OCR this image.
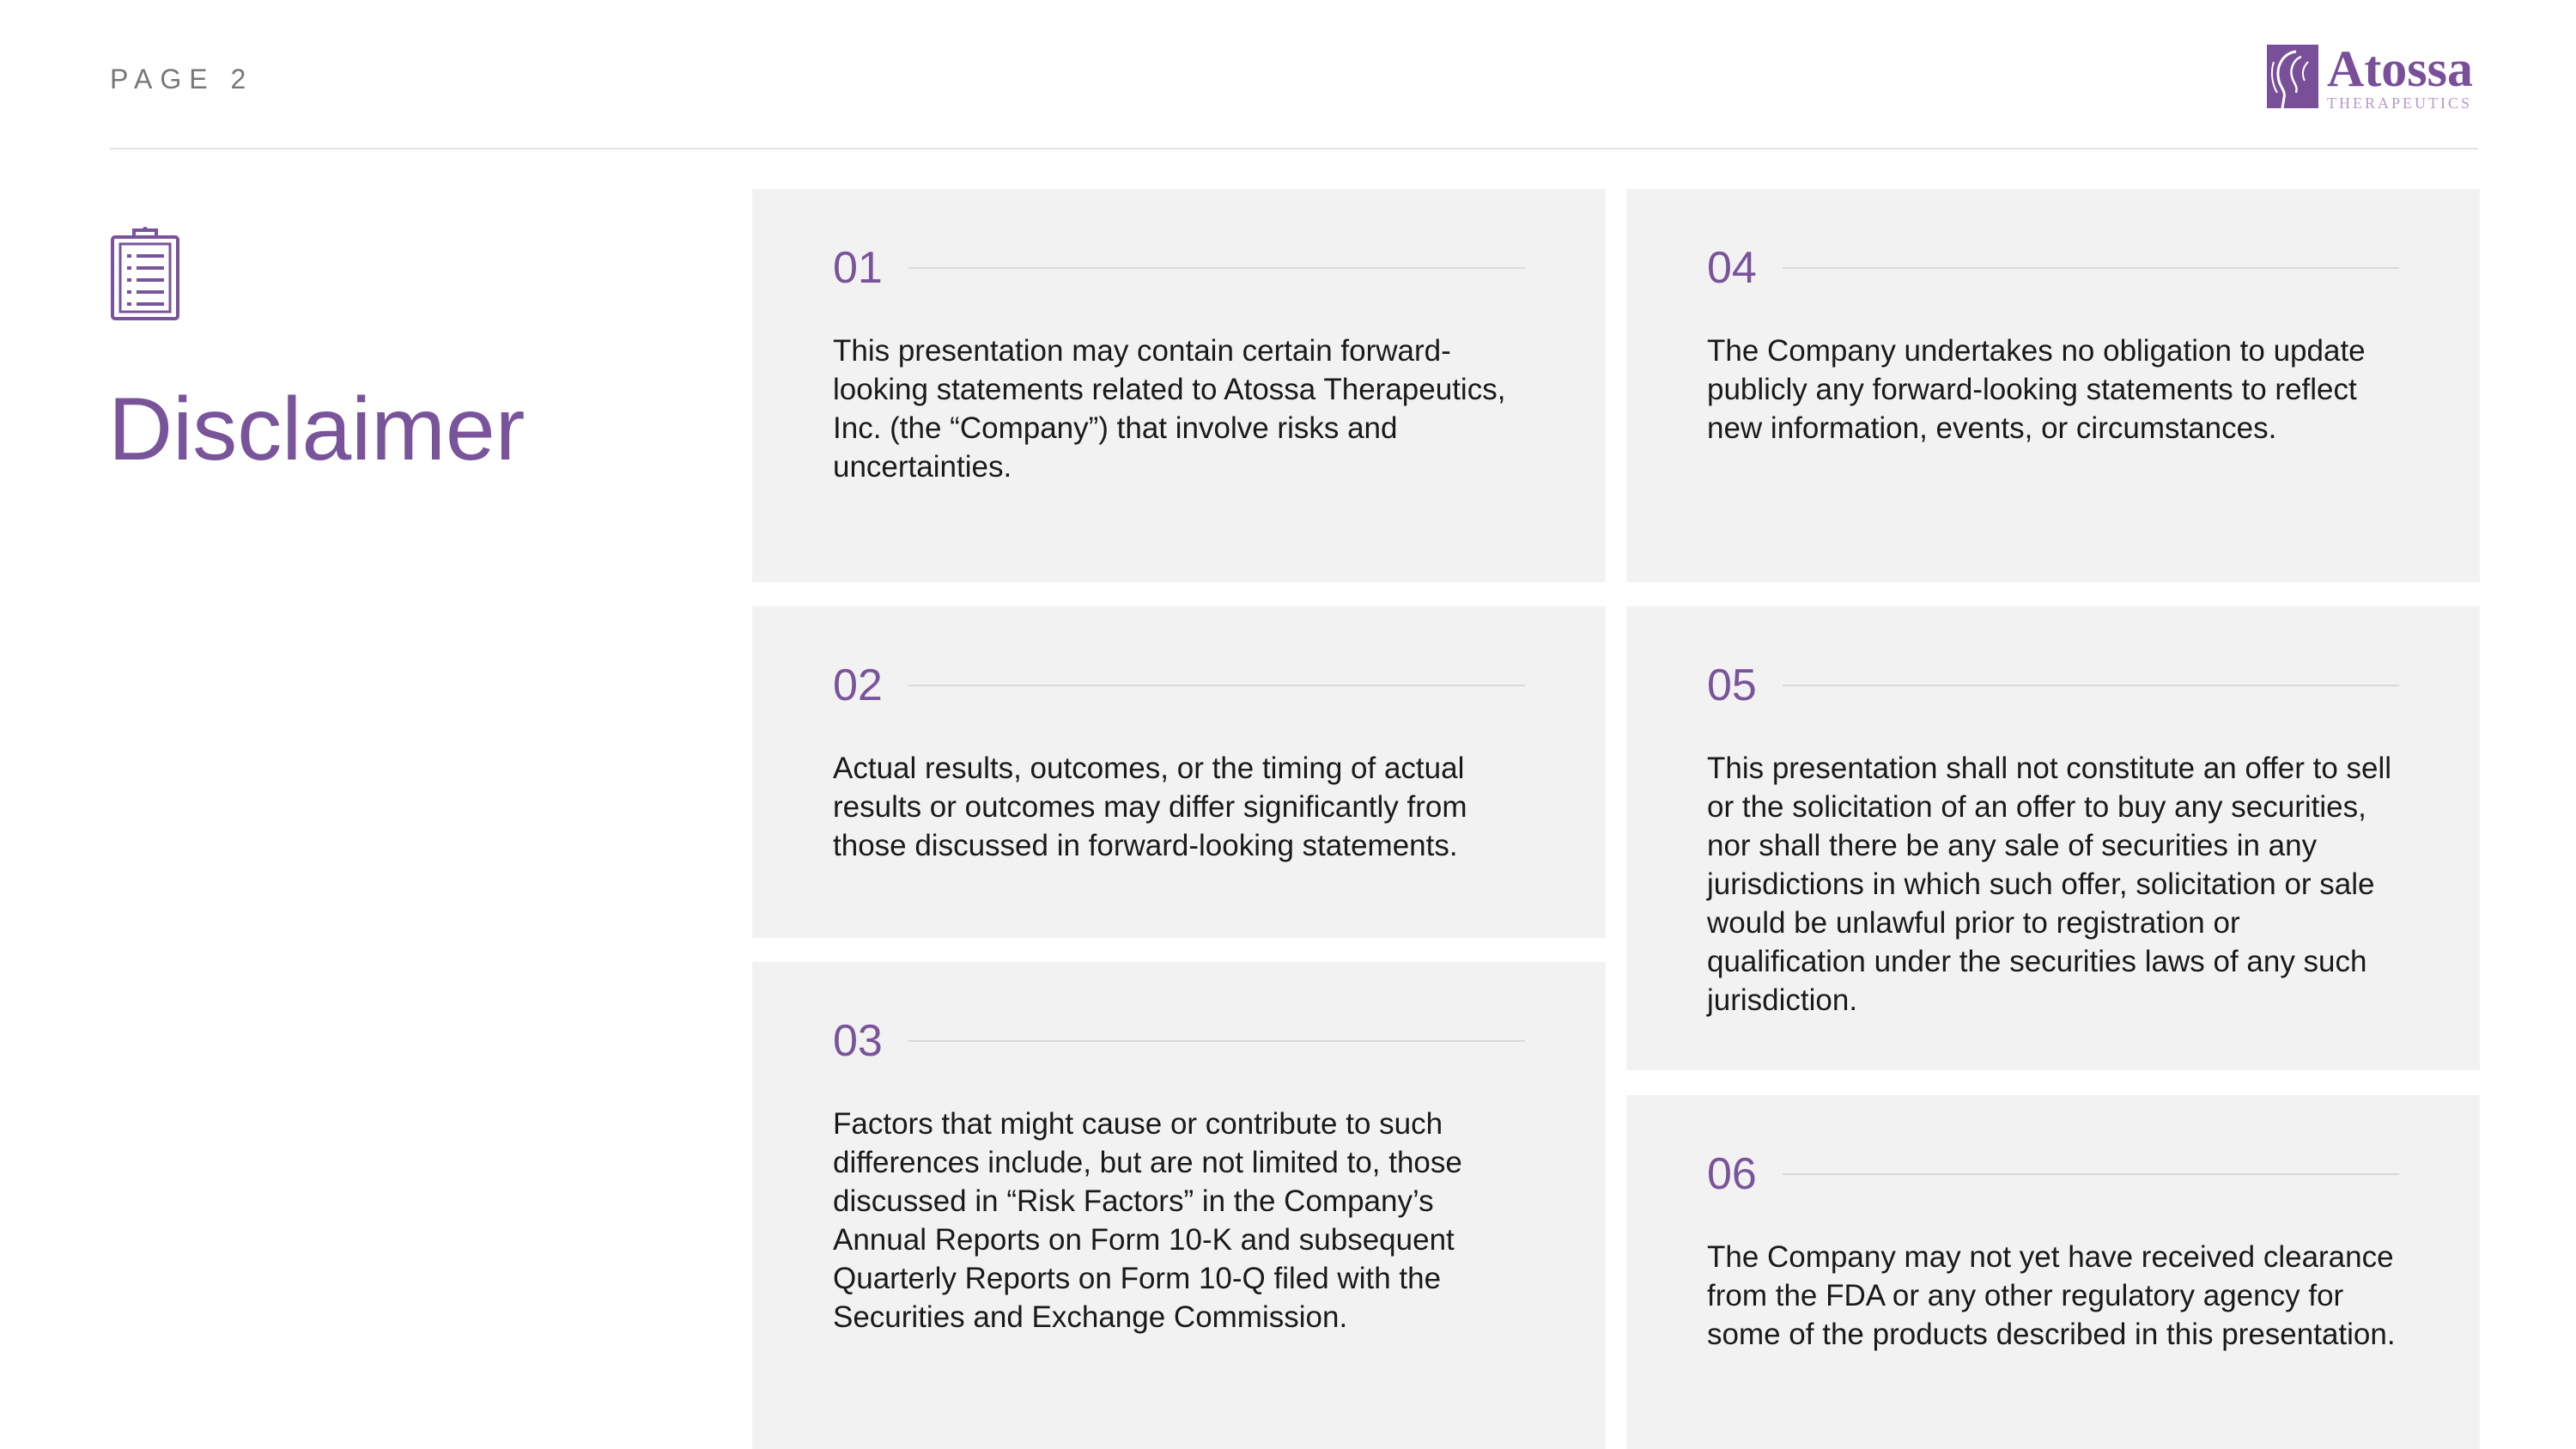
PAGE 2	Atossa
THERAPEUTICS
Disclaimer
01
This presentation may contain certain forward-looking statements related to Atossa Therapeutics, Inc. (the “Company”) that involve risks and uncertainties.
02
Actual results, outcomes, or the timing of actual results or outcomes may differ significantly from those discussed in forward-looking statements.
03
Factors that might cause or contribute to such differences include, but are not limited to, those discussed in “Risk Factors” in the Company’s Annual Reports on Form 10-K and subsequent Quarterly Reports on Form 10-Q filed with the Securities and Exchange Commission.
04
The Company undertakes no obligation to update publicly any forward-looking statements to reflect new information, events, or circumstances.
05
This presentation shall not constitute an offer to sell or the solicitation of an offer to buy any securities, nor shall there be any sale of securities in any jurisdictions in which such offer, solicitation or sale would be unlawful prior to registration or qualification under the securities laws of any such jurisdiction.
06
The Company may not yet have received clearance from the FDA or any other regulatory agency for some of the products described in this presentation.
